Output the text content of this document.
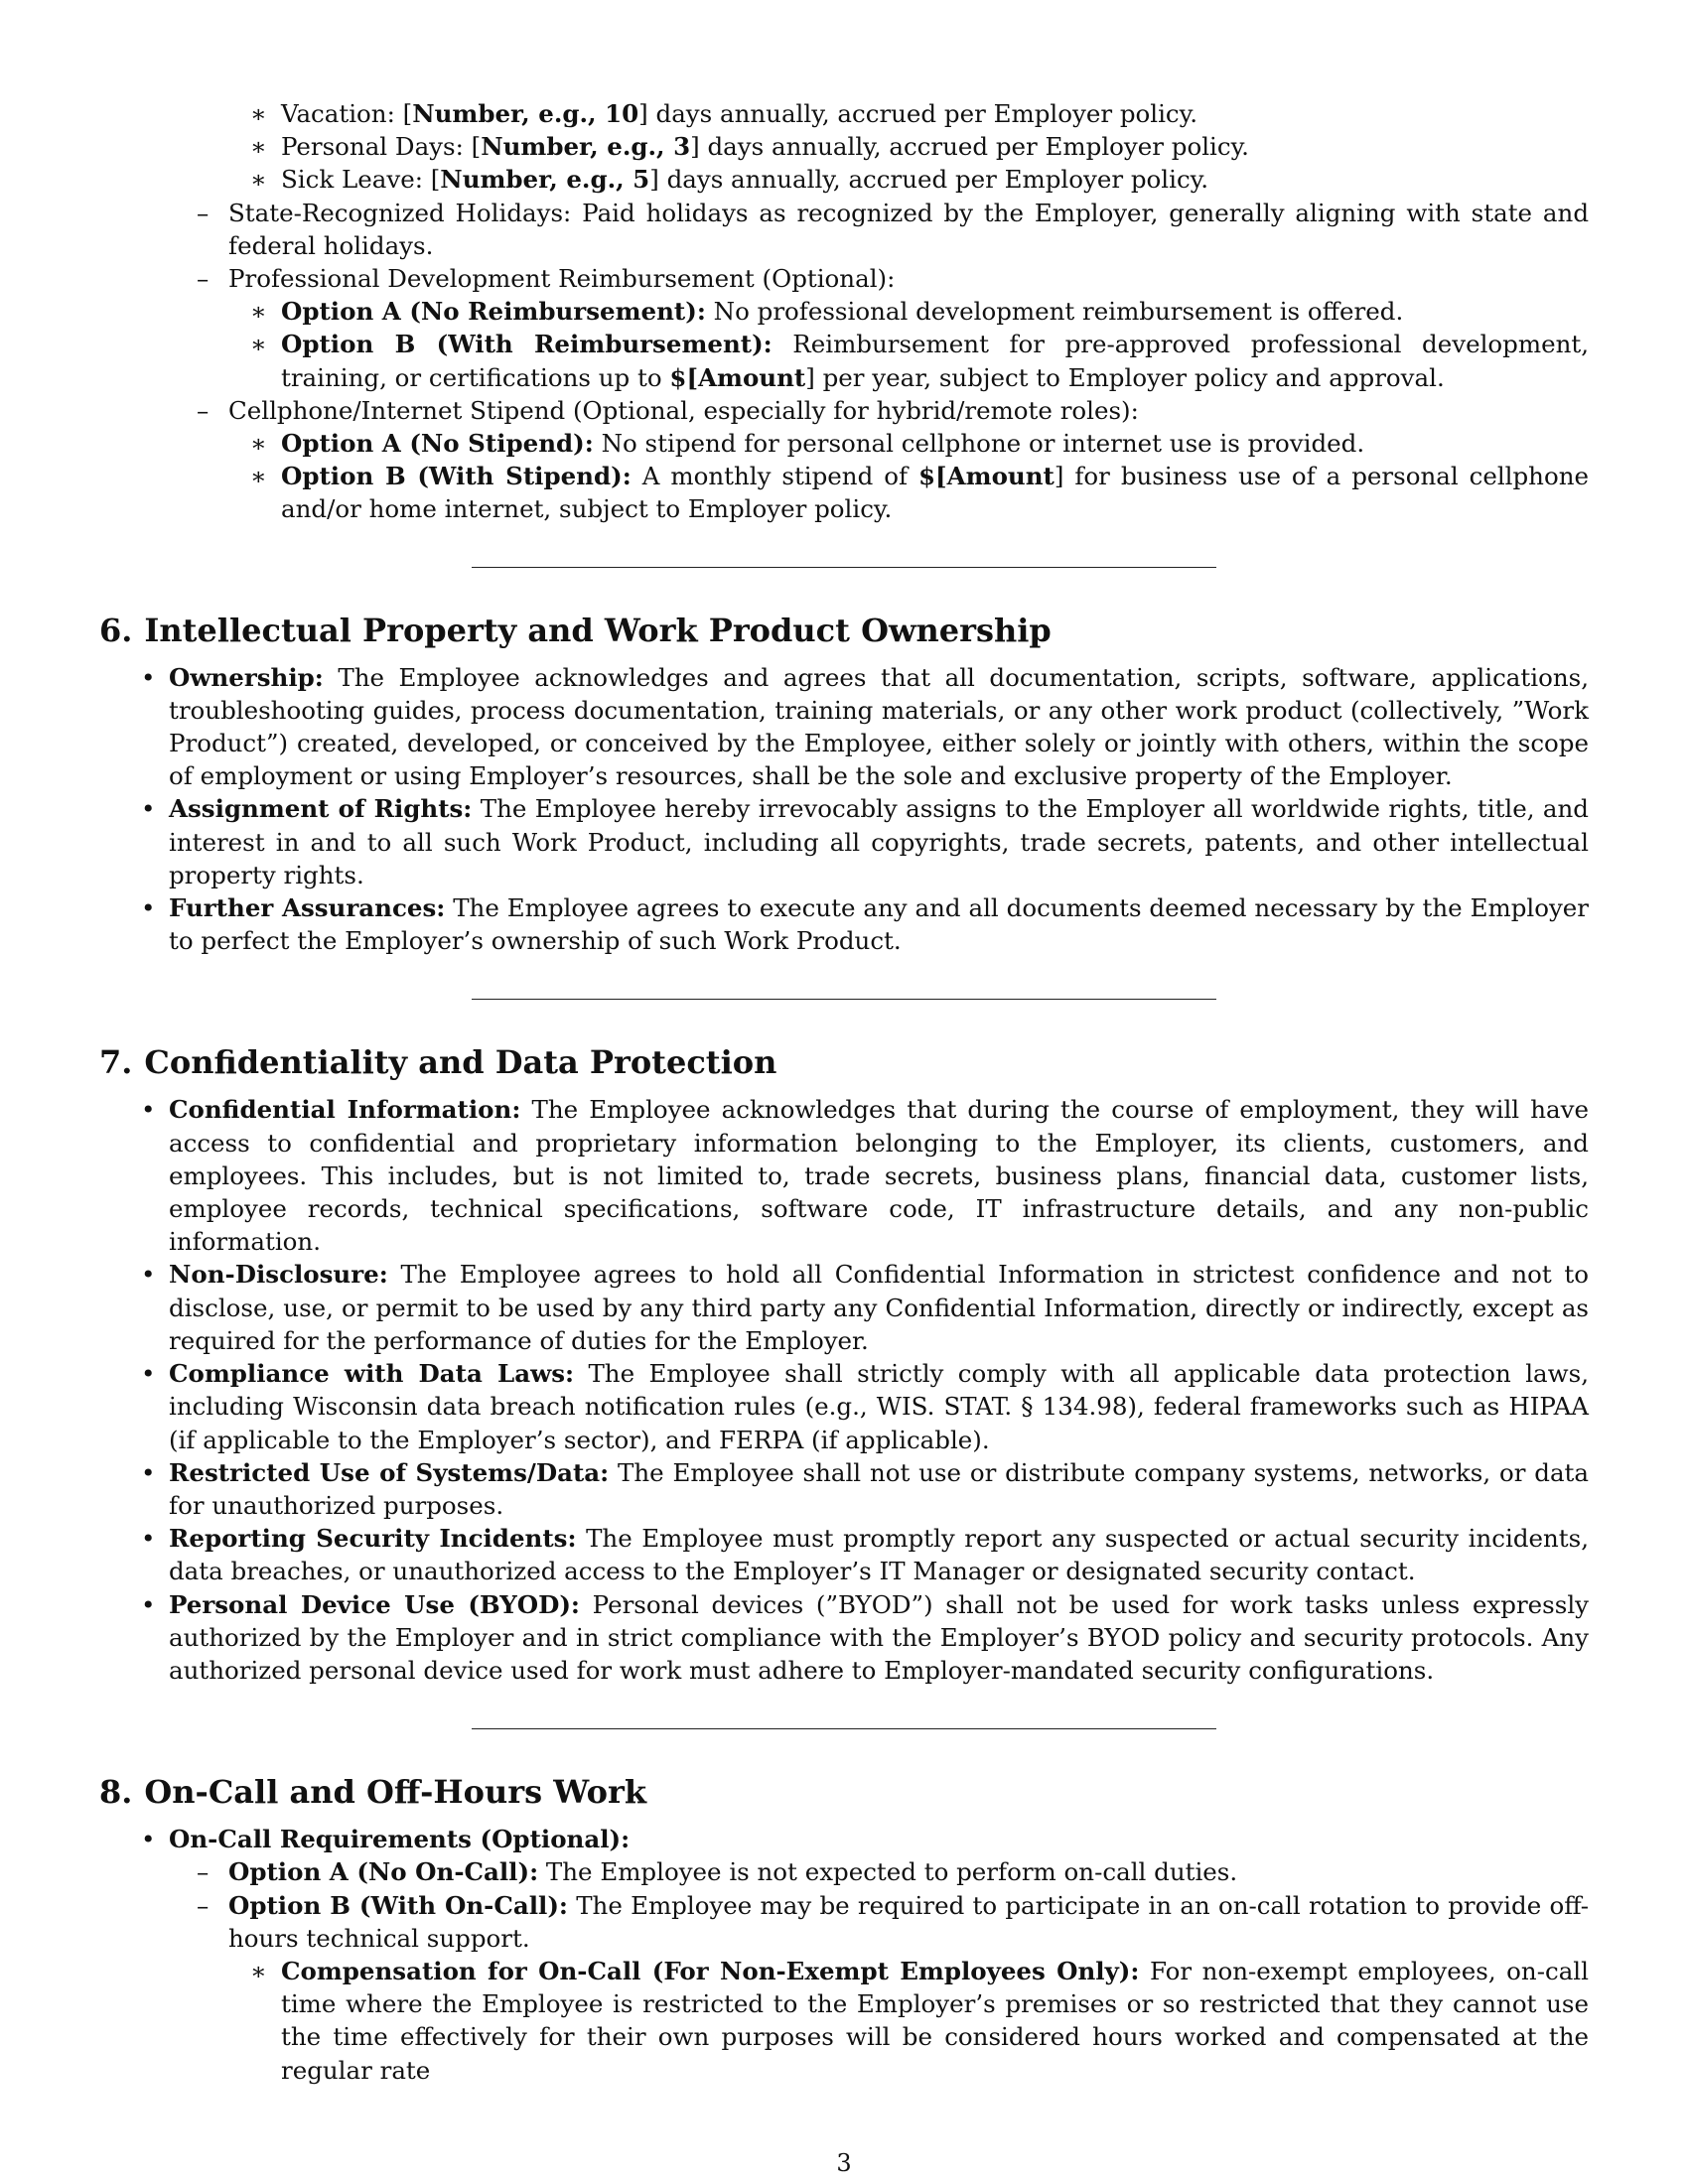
∗ Vacation: [Number, e.g., 10] days annually, accrued per Employer policy.
∗ Personal Days: [Number, e.g., 3] days annually, accrued per Employer policy.
∗ Sick Leave: [Number, e.g., 5] days annually, accrued per Employer policy.
– State-Recognized Holidays: Paid holidays as recognized by the Employer, generally aligning with state and federal holidays.
– Professional Development Reimbursement (Optional):
∗ Option A (No Reimbursement): No professional development reimbursement is offered.
∗ Option B (With Reimbursement): Reimbursement for pre-approved professional development, training, or certifications up to $[Amount] per year, subject to Employer policy and approval.
– Cellphone/Internet Stipend (Optional, especially for hybrid/remote roles):
∗ Option A (No Stipend): No stipend for personal cellphone or internet use is provided.
∗ Option B (With Stipend): A monthly stipend of $[Amount] for business use of a personal cellphone and/or home internet, subject to Employer policy.
6. Intellectual Property and Work Product Ownership
• Ownership: The Employee acknowledges and agrees that all documentation, scripts, software, applications, troubleshooting guides, process documentation, training materials, or any other work product (collectively, ”Work Product”) created, developed, or conceived by the Employee, either solely or jointly with others, within the scope of employment or using Employer’s resources, shall be the sole and exclusive property of the Employer.
• Assignment of Rights: The Employee hereby irrevocably assigns to the Employer all worldwide rights, title, and interest in and to all such Work Product, including all copyrights, trade secrets, patents, and other intellectual property rights.
• Further Assurances: The Employee agrees to execute any and all documents deemed necessary by the Employer to perfect the Employer’s ownership of such Work Product.
7. Confidentiality and Data Protection
• Confidential Information: The Employee acknowledges that during the course of employment, they will have access to confidential and proprietary information belonging to the Employer, its clients, customers, and employees. This includes, but is not limited to, trade secrets, business plans, financial data, customer lists, employee records, technical specifications, software code, IT infrastructure details, and any non-public information.
• Non-Disclosure: The Employee agrees to hold all Confidential Information in strictest confidence and not to disclose, use, or permit to be used by any third party any Confidential Information, directly or indirectly, except as required for the performance of duties for the Employer.
• Compliance with Data Laws: The Employee shall strictly comply with all applicable data protection laws, including Wisconsin data breach notification rules (e.g., WIS. STAT. § 134.98), federal frameworks such as HIPAA (if applicable to the Employer’s sector), and FERPA (if applicable).
• Restricted Use of Systems/Data: The Employee shall not use or distribute company systems, networks, or data for unauthorized purposes.
• Reporting Security Incidents: The Employee must promptly report any suspected or actual security incidents, data breaches, or unauthorized access to the Employer’s IT Manager or designated security contact.
• Personal Device Use (BYOD): Personal devices (”BYOD”) shall not be used for work tasks unless expressly authorized by the Employer and in strict compliance with the Employer’s BYOD policy and security protocols. Any authorized personal device used for work must adhere to Employer-mandated security configurations.
8. On-Call and Off-Hours Work
• On-Call Requirements (Optional):
– Option A (No On-Call): The Employee is not expected to perform on-call duties.
– Option B (With On-Call): The Employee may be required to participate in an on-call rotation to provide off-hours technical support.
∗ Compensation for On-Call (For Non-Exempt Employees Only): For non-exempt employees, on-call time where the Employee is restricted to the Employer’s premises or so restricted that they cannot use the time effectively for their own purposes will be considered hours worked and compensated at the regular rate
3
